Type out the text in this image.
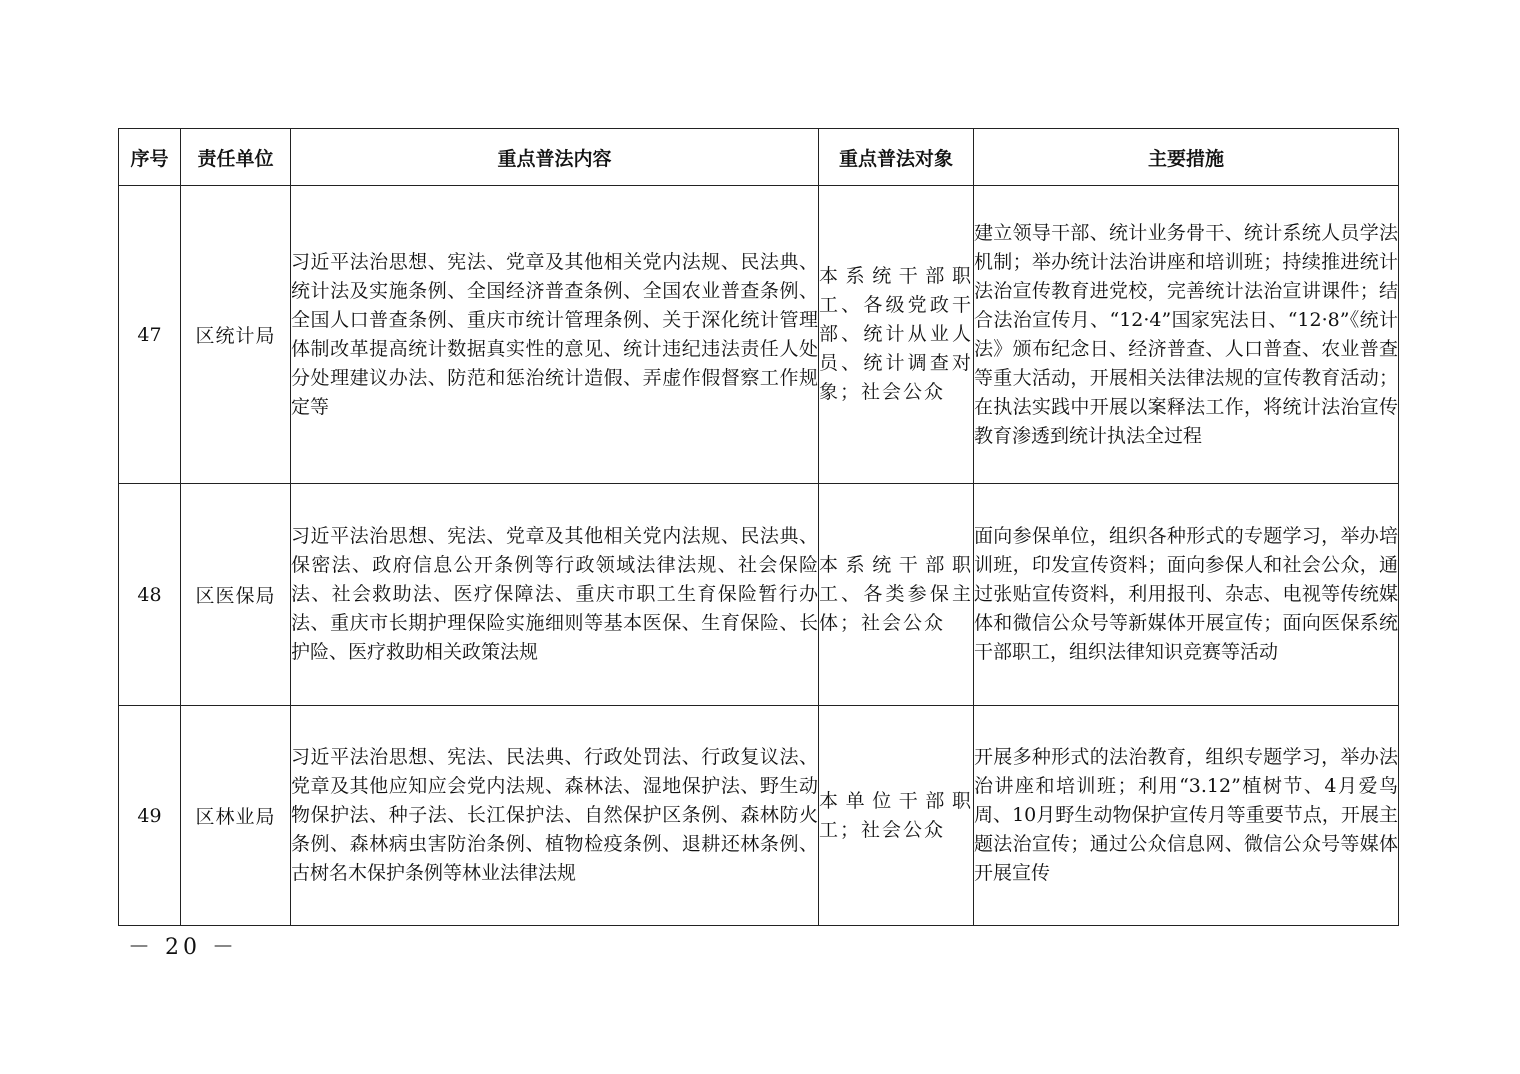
序号	责任单位	重点普法内容	重点普法对象	主要措施
47	区统计局	习近平法治思想、宪法、党章及其他相关党内法规、民法典、统计法及实施条例、全国经济普查条例、全国农业普查条例、全国人口普查条例、重庆市统计管理条例、关于深化统计管理体制改革提高统计数据真实性的意见、统计违纪违法责任人处分处理建议办法、防范和惩治统计造假、弄虚作假督察工作规定等	本系统干部职工、各级党政干部、统计从业人员、统计调查对象；社会公众	建立领导干部、统计业务骨干、统计系统人员学法机制；举办统计法治讲座和培训班；持续推进统计法治宣传教育进党校，完善统计法治宣讲课件；结合法治宣传月、“12·4”国家宪法日、“12·8”《统计法》颁布纪念日、经济普查、人口普查、农业普查等重大活动，开展相关法律法规的宣传教育活动；在执法实践中开展以案释法工作，将统计法治宣传教育渗透到统计执法全过程
48	区医保局	习近平法治思想、宪法、党章及其他相关党内法规、民法典、保密法、政府信息公开条例等行政领域法律法规、社会保险法、社会救助法、医疗保障法、重庆市职工生育保险暂行办法、重庆市长期护理保险实施细则等基本医保、生育保险、长护险、医疗救助相关政策法规	本系统干部职工、各类参保主体；社会公众	面向参保单位，组织各种形式的专题学习，举办培训班，印发宣传资料；面向参保人和社会公众，通过张贴宣传资料，利用报刊、杂志、电视等传统媒体和微信公众号等新媒体开展宣传；面向医保系统干部职工，组织法律知识竞赛等活动
49	区林业局	习近平法治思想、宪法、民法典、行政处罚法、行政复议法、党章及其他应知应会党内法规、森林法、湿地保护法、野生动物保护法、种子法、长江保护法、自然保护区条例、森林防火条例、森林病虫害防治条例、植物检疫条例、退耕还林条例、古树名木保护条例等林业法律法规	本单位干部职工；社会公众	开展多种形式的法治教育，组织专题学习，举办法治讲座和培训班；利用“3.12”植树节、4月爱鸟周、10月野生动物保护宣传月等重要节点，开展主题法治宣传；通过公众信息网、微信公众号等媒体开展宣传
－ 20 －
